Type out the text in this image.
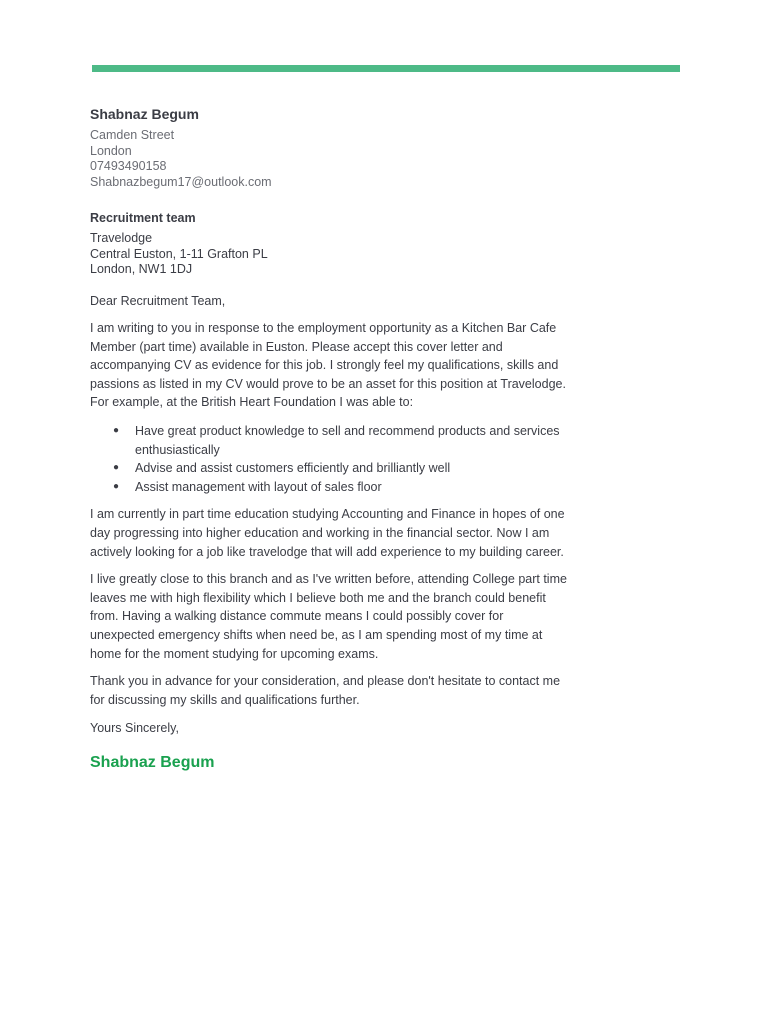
Shabnaz Begum

Camden Street

London

07493490158

Shabnazbegum17@outlook.com

Recruitment team

Travelodge

Central Euston, 1-11 Grafton PL

London, NW1 1DJ

Dear Recruitment Team,

I am writing to you in response to the employment opportunity as a Kitchen Bar Cafe Member (part time) available in Euston. Please accept this cover letter and accompanying CV as evidence for this job. I strongly feel my qualifications, skills and passions as listed in my CV would prove to be an asset for this position at Travelodge. For example, at the British Heart Foundation I was able to:

● Have great product knowledge to sell and recommend products and services enthusiastically
● Advise and assist customers efficiently and brilliantly well
● Assist management with layout of sales floor

I am currently in part time education studying Accounting and Finance in hopes of one day progressing into higher education and working in the financial sector. Now I am actively looking for a job like travelodge that will add experience to my building career.

I live greatly close to this branch and as I've written before, attending College part time leaves me with high flexibility which I believe both me and the branch could benefit from. Having a walking distance commute means I could possibly cover for unexpected emergency shifts when need be, as I am spending most of my time at home for the moment studying for upcoming exams.

Thank you in advance for your consideration, and please don't hesitate to contact me for discussing my skills and qualifications further.

Yours Sincerely,

Shabnaz Begum
